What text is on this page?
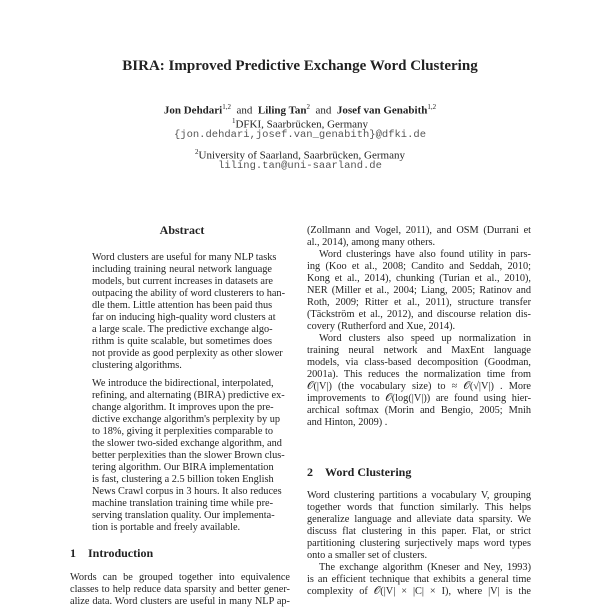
BIRA: Improved Predictive Exchange Word Clustering
Jon Dehdari$^{1,2}$ and Liling Tan$^2$ and Josef van Genabith$^{1,2}$
$^1$DFKI, Saarbrücken, Germany
{jon.dehdari,josef.van_genabith}@dfki.de
$^2$University of Saarland, Saarbrücken, Germany
liling.tan@uni-saarland.de
Abstract
Word clusters are useful for many NLP tasks
including training neural network language
models, but current increases in datasets are
outpacing the ability of word clusterers to han-
dle them. Little attention has been paid thus
far on inducing high-quality word clusters at
a large scale. The predictive exchange algo-
rithm is quite scalable, but sometimes does
not provide as good perplexity as other slower
clustering algorithms.
We introduce the bidirectional, interpolated,
refining, and alternating (BIRA) predictive ex-
change algorithm. It improves upon the pre-
dictive exchange algorithm's perplexity by up
to 18%, giving it perplexities comparable to
the slower two-sided exchange algorithm, and
better perplexities than the slower Brown clus-
tering algorithm. Our BIRA implementation
is fast, clustering a 2.5 billion token English
News Crawl corpus in 3 hours. It also reduces
machine translation training time while pre-
serving translation quality. Our implementa-
tion is portable and freely available.
1 Introduction
Words can be grouped together into equivalence
classes to help reduce data sparsity and better gener-
alize data. Word clusters are useful in many NLP ap-
(Zollmann and Vogel, 2011), and OSM (Durrani et
al., 2014), among many others.
Word clusterings have also found utility in pars-
ing (Koo et al., 2008; Candito and Seddah, 2010;
Kong et al., 2014), chunking (Turian et al., 2010),
NER (Miller et al., 2004; Liang, 2005; Ratinov and
Roth, 2009; Ritter et al., 2011), structure transfer
(Täckström et al., 2012), and discourse relation dis-
covery (Rutherford and Xue, 2014).
Word clusters also speed up normalization in
training neural network and MaxEnt language
models, via class-based decomposition (Goodman,
2001a). This reduces the normalization time from
𝒪(|V|) (the vocabulary size) to ≈ 𝒪(√|V|) . More
improvements to 𝒪(log(|V|)) are found using hier-
archical softmax (Morin and Bengio, 2005; Mnih
and Hinton, 2009) .
2 Word Clustering
Word clustering partitions a vocabulary V, grouping
together words that function similarly. This helps
generalize language and alleviate data sparsity. We
discuss flat clustering in this paper. Flat, or strict
partitioning clustering surjectively maps word types
onto a smaller set of clusters.
The exchange algorithm (Kneser and Ney, 1993)
is an efficient technique that exhibits a general time
complexity of 𝒪(|V| × |C| × I), where |V| is the
